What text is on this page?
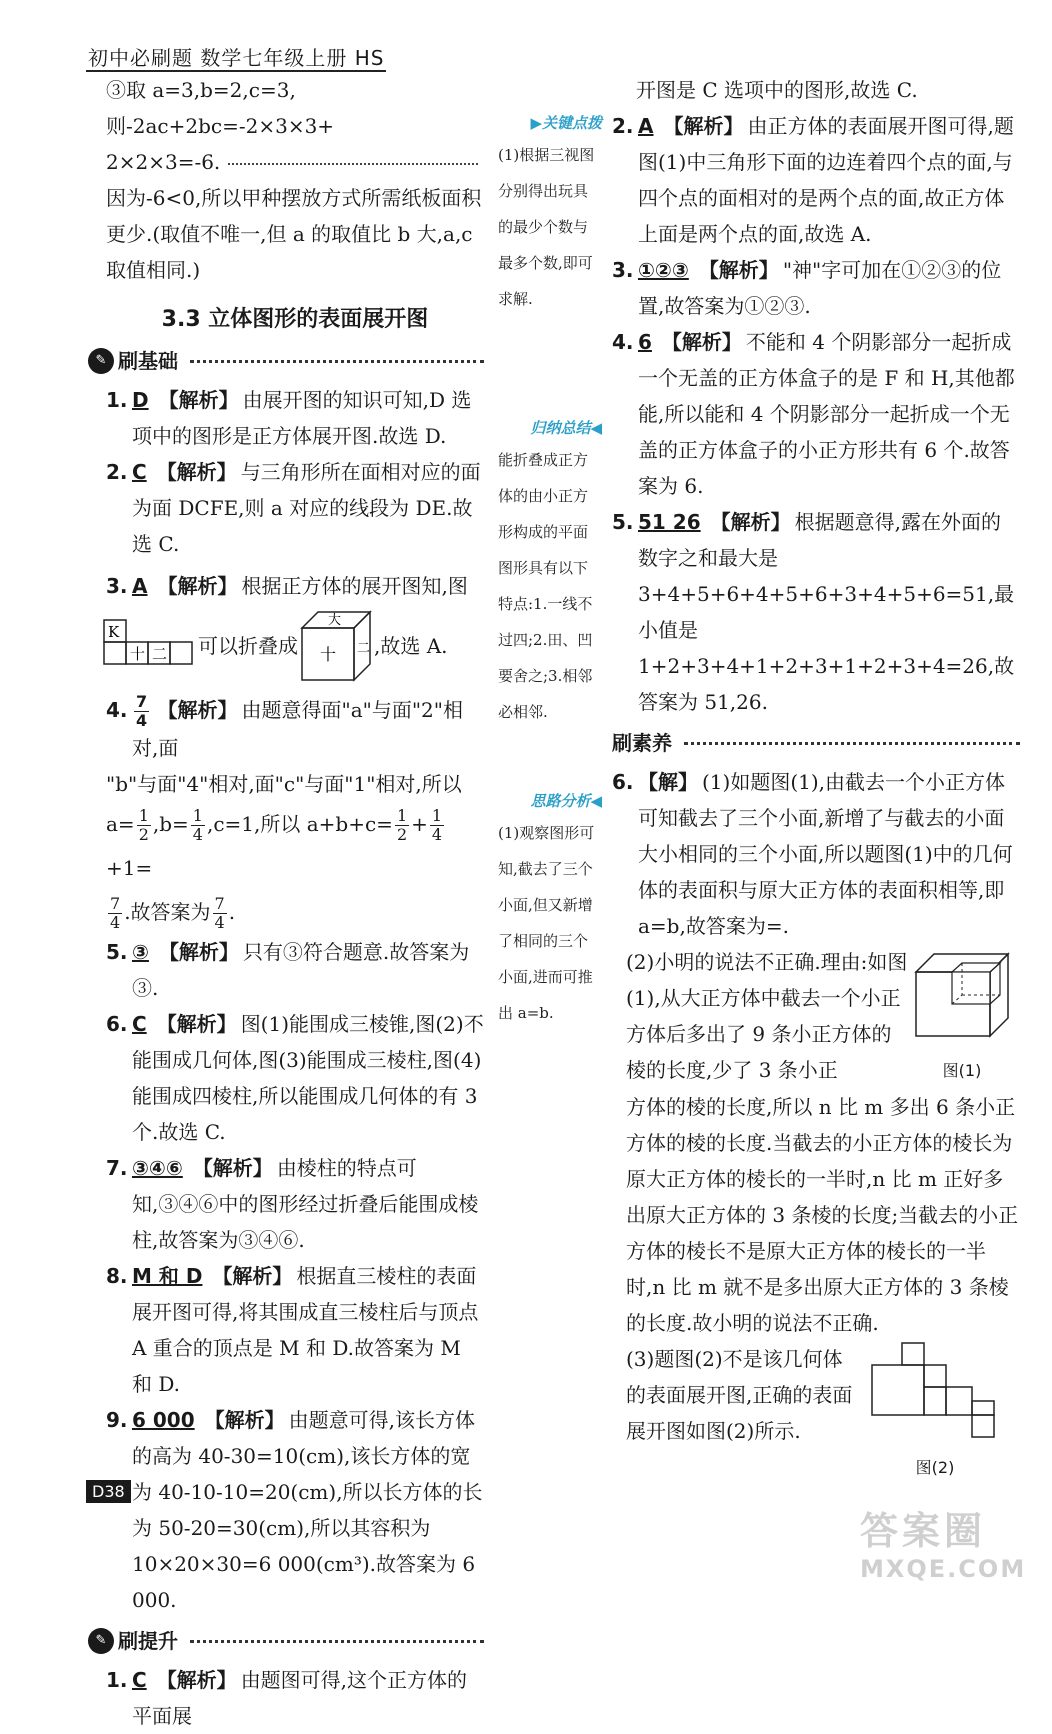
初中必刷题 数学七年级上册 HS

③取 a=3,b=2,c=3,则-2ac+2bc=-2×3×3+

2×2×3=-6.

因为-6<0,所以甲种摆放方式所需纸板面积

更少.(取值不唯一,但 a 的取值比 b 大,a,c

取值相同.)

3.3 立体图形的表面展开图
✎ 刷基础
1. D 【解析】 由展开图的知识可知,D 选项中的图形是正方体展开图.故选 D.
2. C 【解析】 与三角形所在面相对应的面为面 DCFE,则 a 对应的线段为 DE.故选 C.
3. A 【解析】 根据正方体的展开图知,图
K
十 二 可以折叠成
大
十 二 ,故选 A.
4. $\frac{7}{4}$ 【解析】 由题意得面"a"与面"2"相对,面

"b"与面"4"相对,面"c"与面"1"相对,所以

$a= \frac{1}{2} ,b= \frac{1}{4} ,c=1$,所以 $a+b+c= \frac{1}{2} + \frac{1}{4}$
+1=

$\frac{7}{4}$ .故答案为 $\frac{7}{4}$ .

5. ③ 【解析】 只有③符合题意.故答案为③.
6. C 【解析】 图(1)能围成三棱锥,图(2)不能围成几何体,图(3)能围成三棱柱,图(4)能围成四棱柱,所以能围成几何体的有 3 个.故选 C.
7. ③④⑥ 【解析】 由棱柱的特点可知,③④⑥中的图形经过折叠后能围成棱柱,故答案为③④⑥.
8. M 和 D 【解析】 根据直三棱柱的表面展开图可得,将其围成直三棱柱后与顶点 A 重合的顶点是 M 和 D.故答案为 M 和 D.
9. 6 000 【解析】 由题意可得,该长方体的高为 40-30=10(cm),该长方体的宽为 40-10-10=20(cm),所以长方体的长为 50-20=30(cm),所以其容积为 10×20×30=6 000(cm³).故答案为 6 000.
✎ 刷提升
1. C 【解析】 由题图可得,这个正方体的平面展

▶关键点拨

(1)根据三视图分别得出玩具的最少个数与最多个数,即可求解.

归纳总结◀

能折叠成正方体的由小正方形构成的平面图形具有以下特点:1.一线不过四;2.田、凹要舍之;3.相邻必相邻.

思路分析◀

(1)观察图形可知,截去了三个小面,但又新增了相同的三个小面,进而可推出 a=b.

开图是 C 选项中的图形,故选 C.

2. A 【解析】 由正方体的表面展开图可得,题图(1)中三角形下面的边连着四个点的面,与四个点的面相对的是两个点的面,故正方体上面是两个点的面,故选 A.
3. ①②③ 【解析】 "神"字可加在①②③的位置,故答案为①②③.
4. 6 【解析】 不能和 4 个阴影部分一起折成一个无盖的正方体盒子的是 F 和 H,其他都能,所以能和 4 个阴影部分一起折成一个无盖的正方体盒子的小正方形共有 6 个.故答案为 6.
5. 51 26 【解析】 根据题意得,露在外面的数字之和最大是 3+4+5+6+4+5+6+3+4+5+6=51,最小值是 1+2+3+4+1+2+3+1+2+3+4=26,故答案为 51,26.
刷素养
6. 【解】 (1)如题图(1),由截去一个小正方体可知截去了三个小面,新增了与截去的小面大小相同的三个小面,所以题图(1)中的几何体的表面积与原大正方体的表面积相等,即 a=b,故答案为=.

(2)小明的说法不正确.理由:如图(1),从大正方体中截去一个小正方体后多出了 9 条小正方体的棱的长度,少了 3 条小正	图(1)

方体的棱的长度,所以 n 比 m 多出 6 条小正方体的棱的长度.当截去的小正方体的棱长为原大正方体的棱长的一半时,n 比 m 正好多出原大正方体的 3 条棱的长度;当截去的小正方体的棱长不是原大正方体的棱长的一半时,n 比 m 就不是多出原大正方体的 3 条棱的长度.故小明的说法不正确.

(3)题图(2)不是该几何体的表面展开图,正确的表面展开图如图(2)所示.

图(2)
D38
答案圈
MXQE.COM
